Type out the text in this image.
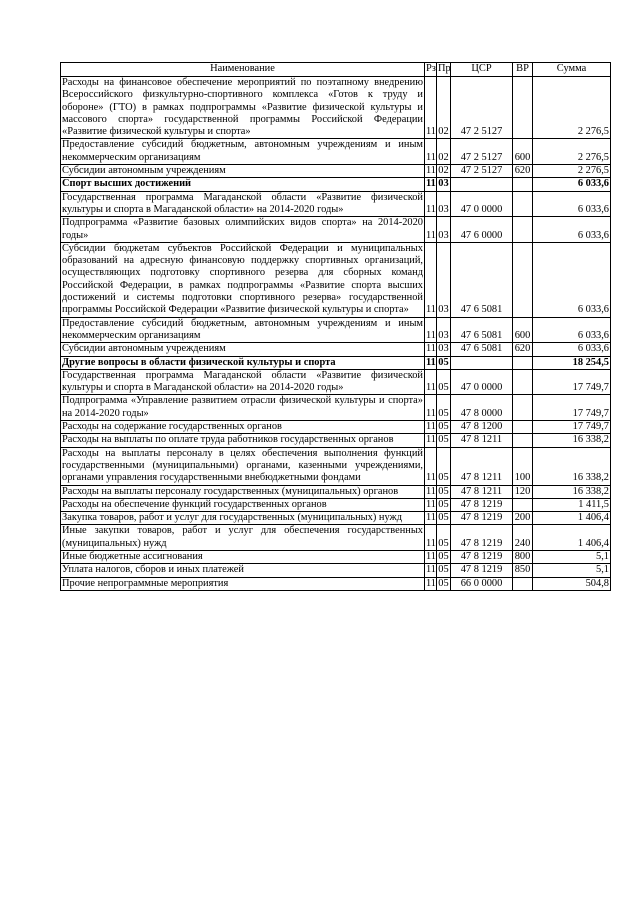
Наименование	Рз	Пр	ЦСР	ВР	Сумма
Расходы на финансовое обеспечение мероприятий по поэтапному внедрению Всероссийского физкультурно-спортивного комплекса «Готов к труду и обороне» (ГТО) в рамках подпрограммы «Развитие физической культуры и массового спорта» государственной программы Российской Федерации «Развитие физической культуры и спорта»	11	02	47 2 5127		2 276,5
Предоставление субсидий бюджетным, автономным учреждениям и иным некоммерческим организациям	11	02	47 2 5127	600	2 276,5
Субсидии автономным учреждениям	11	02	47 2 5127	620	2 276,5
Спорт высших достижений	11	03			6 033,6
Государственная программа Магаданской области «Развитие физической культуры и спорта в Магаданской области» на 2014-2020 годы»	11	03	47 0 0000		6 033,6
Подпрограмма «Развитие базовых олимпийских видов спорта» на 2014-2020 годы»	11	03	47 6 0000		6 033,6
Субсидии бюджетам субъектов Российской Федерации и муниципальных образований на адресную финансовую поддержку спортивных организаций, осуществляющих подготовку спортивного резерва для сборных команд Российской Федерации, в рамках подпрограммы «Развитие спорта высших достижений и системы подготовки спортивного резерва» государственной программы Российской Федерации «Развитие физической культуры и спорта»	11	03	47 6 5081		6 033,6
Предоставление субсидий бюджетным, автономным учреждениям и иным некоммерческим организациям	11	03	47 6 5081	600	6 033,6
Субсидии автономным учреждениям	11	03	47 6 5081	620	6 033,6
Другие вопросы в области физической культуры и спорта	11	05			18 254,5
Государственная программа Магаданской области «Развитие физической культуры и спорта в Магаданской области» на 2014-2020 годы»	11	05	47 0 0000		17 749,7
Подпрограмма «Управление развитием отрасли физической культуры и спорта» на 2014-2020 годы»	11	05	47 8 0000		17 749,7
Расходы на содержание государственных органов	11	05	47 8 1200		17 749,7
Расходы на выплаты по оплате труда работников государственных органов	11	05	47 8 1211		16 338,2
Расходы на выплаты персоналу в целях обеспечения выполнения функций государственными (муниципальными) органами, казенными учреждениями, органами управления государственными внебюджетными фондами	11	05	47 8 1211	100	16 338,2
Расходы на выплаты персоналу государственных (муниципальных) органов	11	05	47 8 1211	120	16 338,2
Расходы на обеспечение функций государственных органов	11	05	47 8 1219		1 411,5
Закупка товаров, работ и услуг для государственных (муниципальных) нужд	11	05	47 8 1219	200	1 406,4
Иные закупки товаров, работ и услуг для обеспечения государственных (муниципальных) нужд	11	05	47 8 1219	240	1 406,4
Иные бюджетные ассигнования	11	05	47 8 1219	800	5,1
Уплата налогов, сборов и иных платежей	11	05	47 8 1219	850	5,1
Прочие непрограммные мероприятия	11	05	66 0 0000		504,8
